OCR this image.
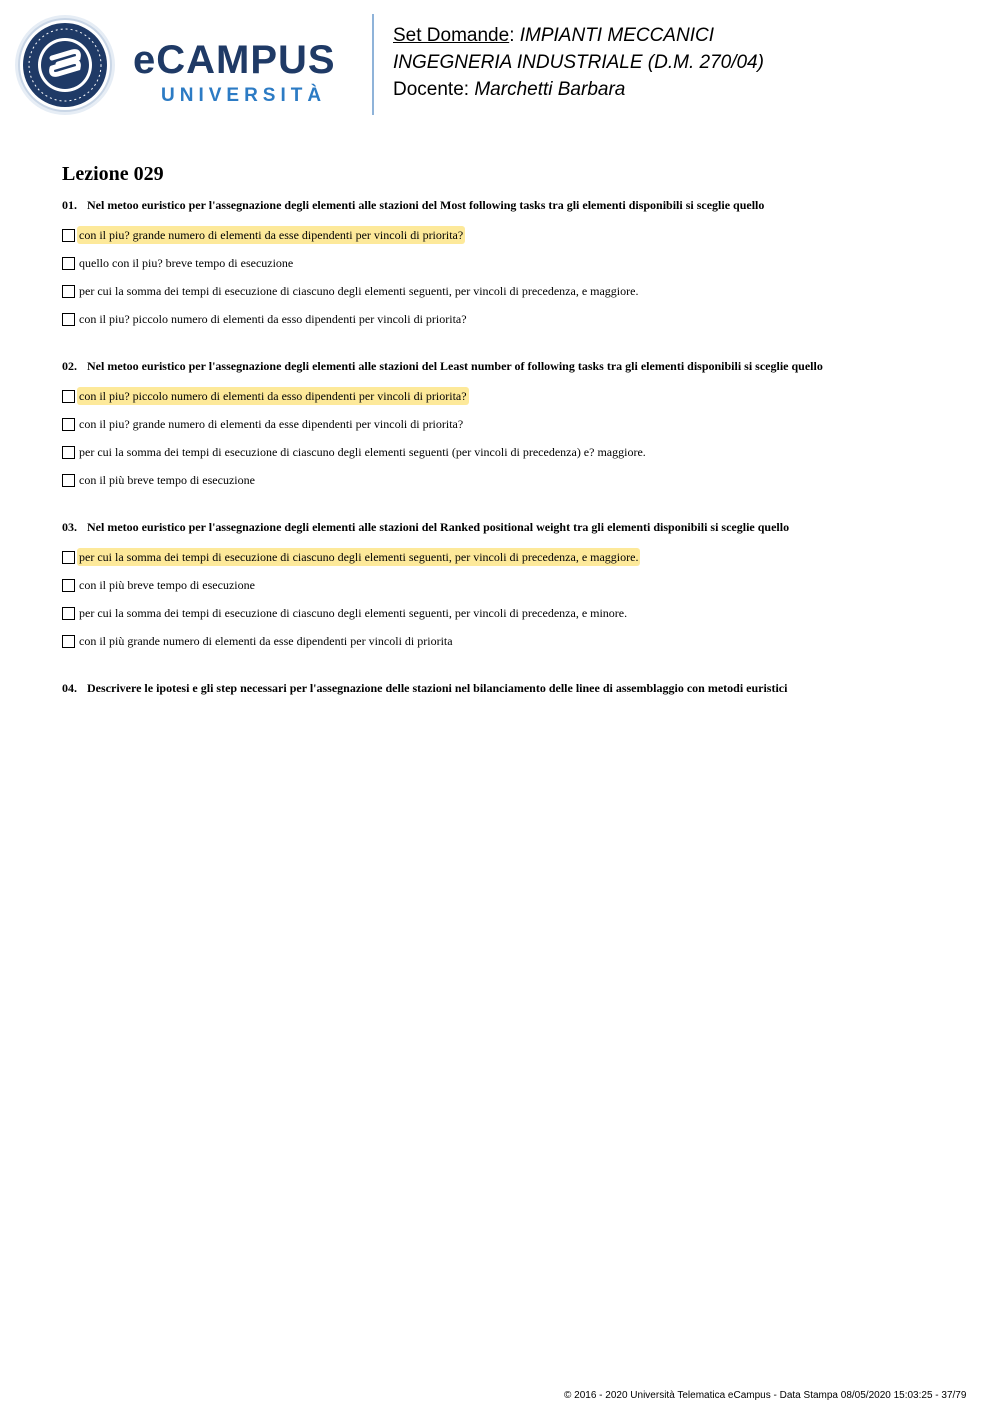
eCAMPUS
UNIVERSITÀ
Set Domande: IMPIANTI MECCANICI
INGEGNERIA INDUSTRIALE (D.M. 270/04)
Docente: Marchetti Barbara
Lezione 029
01. Nel metoo euristico per l'assegnazione degli elementi alle stazioni del Most following tasks tra gli elementi disponibili si sceglie quello
con il piu? grande numero di elementi da esse dipendenti per vincoli di priorita?
quello con il piu? breve tempo di esecuzione
per cui la somma dei tempi di esecuzione di ciascuno degli elementi seguenti, per vincoli di precedenza, e maggiore.
con il piu? piccolo numero di elementi da esso dipendenti per vincoli di priorita?
02. Nel metoo euristico per l'assegnazione degli elementi alle stazioni del Least number of following tasks tra gli elementi disponibili si sceglie quello
con il piu? piccolo numero di elementi da esso dipendenti per vincoli di priorita?
con il piu? grande numero di elementi da esse dipendenti per vincoli di priorita?
per cui la somma dei tempi di esecuzione di ciascuno degli elementi seguenti (per vincoli di precedenza) e? maggiore.
con il più breve tempo di esecuzione
03. Nel metoo euristico per l'assegnazione degli elementi alle stazioni del Ranked positional weight tra gli elementi disponibili si sceglie quello
per cui la somma dei tempi di esecuzione di ciascuno degli elementi seguenti, per vincoli di precedenza, e maggiore.
con il più breve tempo di esecuzione
per cui la somma dei tempi di esecuzione di ciascuno degli elementi seguenti, per vincoli di precedenza, e minore.
con il più grande numero di elementi da esse dipendenti per vincoli di priorita
04. Descrivere le ipotesi e gli step necessari per l'assegnazione delle stazioni nel bilanciamento delle linee di assemblaggio con metodi euristici
© 2016 - 2020 Università Telematica eCampus - Data Stampa 08/05/2020 15:03:25 - 37/79
